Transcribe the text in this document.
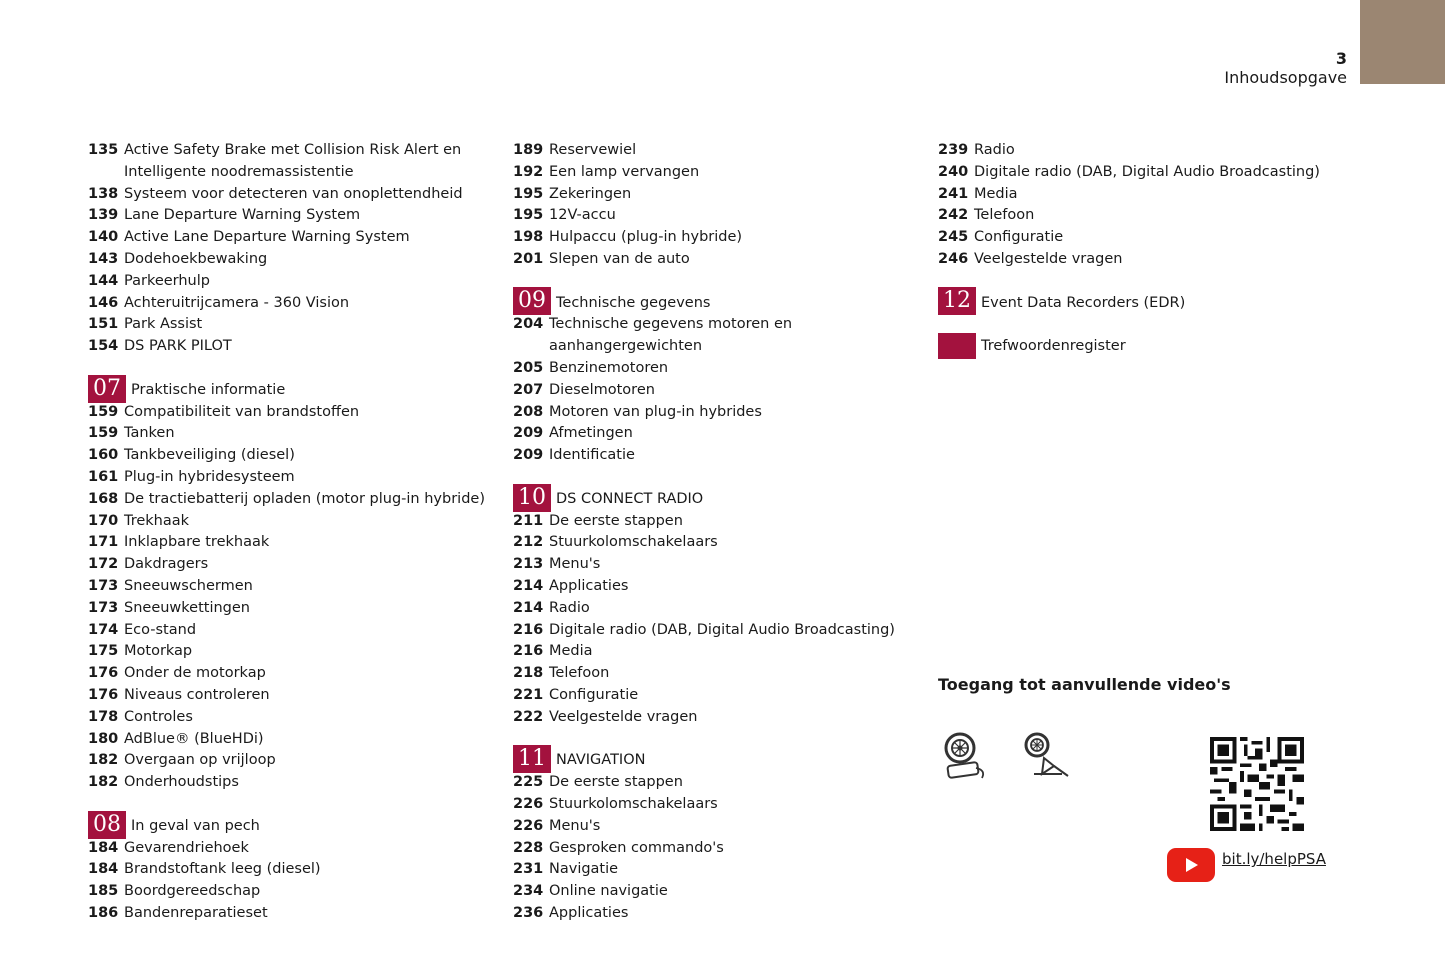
3
Inhoudsopgave
135 Active Safety Brake met Collision Risk Alert en
Intelligente noodremassistentie
138 Systeem voor detecteren van onoplettendheid
139 Lane Departure Warning System
140 Active Lane Departure Warning System
143 Dodehoekbewaking
144 Parkeerhulp
146 Achteruitrijcamera - 360 Vision
151 Park Assist
154 DS PARK PILOT
07 Praktische informatie
159 Compatibiliteit van brandstoffen
159 Tanken
160 Tankbeveiliging (diesel)
161 Plug-in hybridesysteem
168 De tractiebatterij opladen (motor plug-in hybride)
170 Trekhaak
171 Inklapbare trekhaak
172 Dakdragers
173 Sneeuwschermen
173 Sneeuwkettingen
174 Eco-stand
175 Motorkap
176 Onder de motorkap
176 Niveaus controleren
178 Controles
180 AdBlue® (BlueHDi)
182 Overgaan op vrijloop
182 Onderhoudstips
08 In geval van pech
184 Gevarendriehoek
184 Brandstoftank leeg (diesel)
185 Boordgereedschap
186 Bandenreparatieset
189 Reservewiel
192 Een lamp vervangen
195 Zekeringen
195 12V-accu
198 Hulpaccu (plug-in hybride)
201 Slepen van de auto
09 Technische gegevens
204 Technische gegevens motoren en
aanhangergewichten
205 Benzinemotoren
207 Dieselmotoren
208 Motoren van plug-in hybrides
209 Afmetingen
209 Identificatie
10 DS CONNECT RADIO
211 De eerste stappen
212 Stuurkolomschakelaars
213 Menu's
214 Applicaties
214 Radio
216 Digitale radio (DAB, Digital Audio Broadcasting)
216 Media
218 Telefoon
221 Configuratie
222 Veelgestelde vragen
11 NAVIGATION
225 De eerste stappen
226 Stuurkolomschakelaars
226 Menu's
228 Gesproken commando's
231 Navigatie
234 Online navigatie
236 Applicaties
239 Radio
240 Digitale radio (DAB, Digital Audio Broadcasting)
241 Media
242 Telefoon
245 Configuratie
246 Veelgestelde vragen
12 Event Data Recorders (EDR)
Trefwoordenregister
Toegang tot aanvullende video's
bit.ly/helpPSA
